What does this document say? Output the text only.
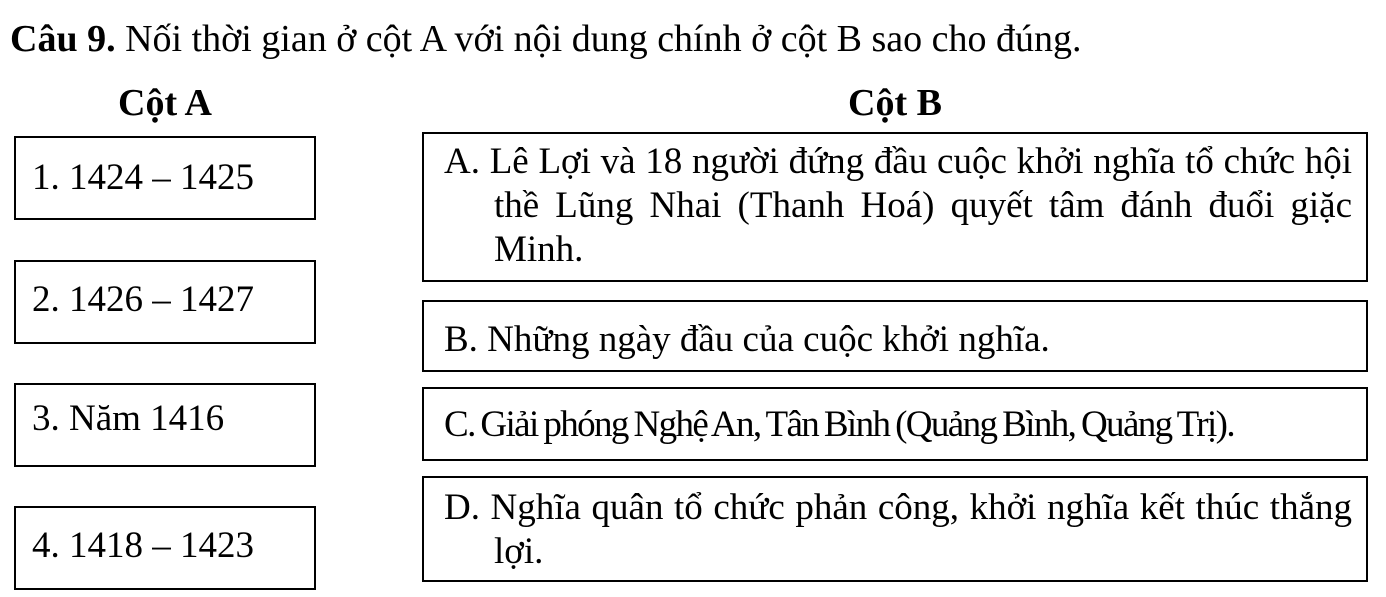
Câu 9. Nối thời gian ở cột A với nội dung chính ở cột B sao cho đúng.
Cột A	Cột B
1. 1424 – 1425
2. 1426 – 1427
3. Năm 1416
4. 1418 – 1423
A. Lê Lợi và 18 người đứng đầu cuộc khởi nghĩa tổ chức hội thề Lũng Nhai (Thanh Hoá) quyết tâm đánh đuổi giặc Minh.
B. Những ngày đầu của cuộc khởi nghĩa.
C. Giải phóng Nghệ An, Tân Bình (Quảng Bình, Quảng Trị).
D. Nghĩa quân tổ chức phản công, khởi nghĩa kết thúc thắng lợi.
